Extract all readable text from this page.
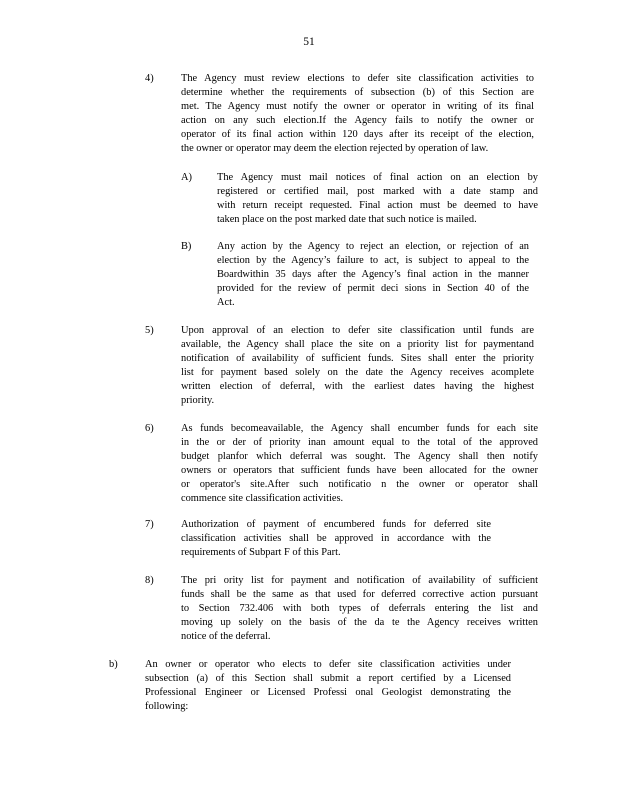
51
4)	The Agency must review elections to defer site classification activities to
determine whether the requirements of subsection (b) of this Section are
met. The Agency must notify the owner or operator in writing of its final
action on any such election.If the Agency fails to notify the owner or
operator of its final action within 120 days after its receipt of the election,
the owner or operator may deem the election rejected by operation of law.
A) The Agency must mail notices of final action on an election by
registered or certified mail, post marked with a date stamp and
with return receipt requested. Final action must be deemed to have
taken place on the post marked date that such notice is mailed.
B) Any action by the Agency to reject an election, or rejection of an
election by the Agency’s failure to act, is subject to appeal to the
Boardwithin 35 days after the Agency’s final action in the manner
provided for the review of permit deci sions in Section 40 of the
Act.
5)	Upon approval of an election to defer site classification until funds are
available, the Agency shall place the site on a priority list for paymentand
notification of availability of sufficient funds. Sites shall enter the priority
list for payment based solely on the date the Agency receives acomplete
written election of deferral, with the earliest dates having the highest
priority.
6)	As funds becomeavailable, the Agency shall encumber funds for each site
in the or der of priority inan amount equal to the total of the approved
budget planfor which deferral was sought. The Agency shall then notify
owners or operators that sufficient funds have been allocated for the owner
or operator's site.After such notificatio n the owner or operator shall
commence site classification activities.
7)	Authorization of payment of encumbered funds for deferred site
classification activities shall be approved in accordance with the
requirements of Subpart F of this Part.
8)	The pri ority list for payment and notification of availability of sufficient
funds shall be the same as that used for deferred corrective action pursuant
to Section 732.406 with both types of deferrals entering the list and
moving up solely on the basis of the da te the Agency receives written
notice of the deferral.
b)	An owner or operator who elects to defer site classification activities under
subsection (a) of this Section shall submit a report certified by a Licensed
Professional Engineer or Licensed Professi onal Geologist demonstrating the
following:
